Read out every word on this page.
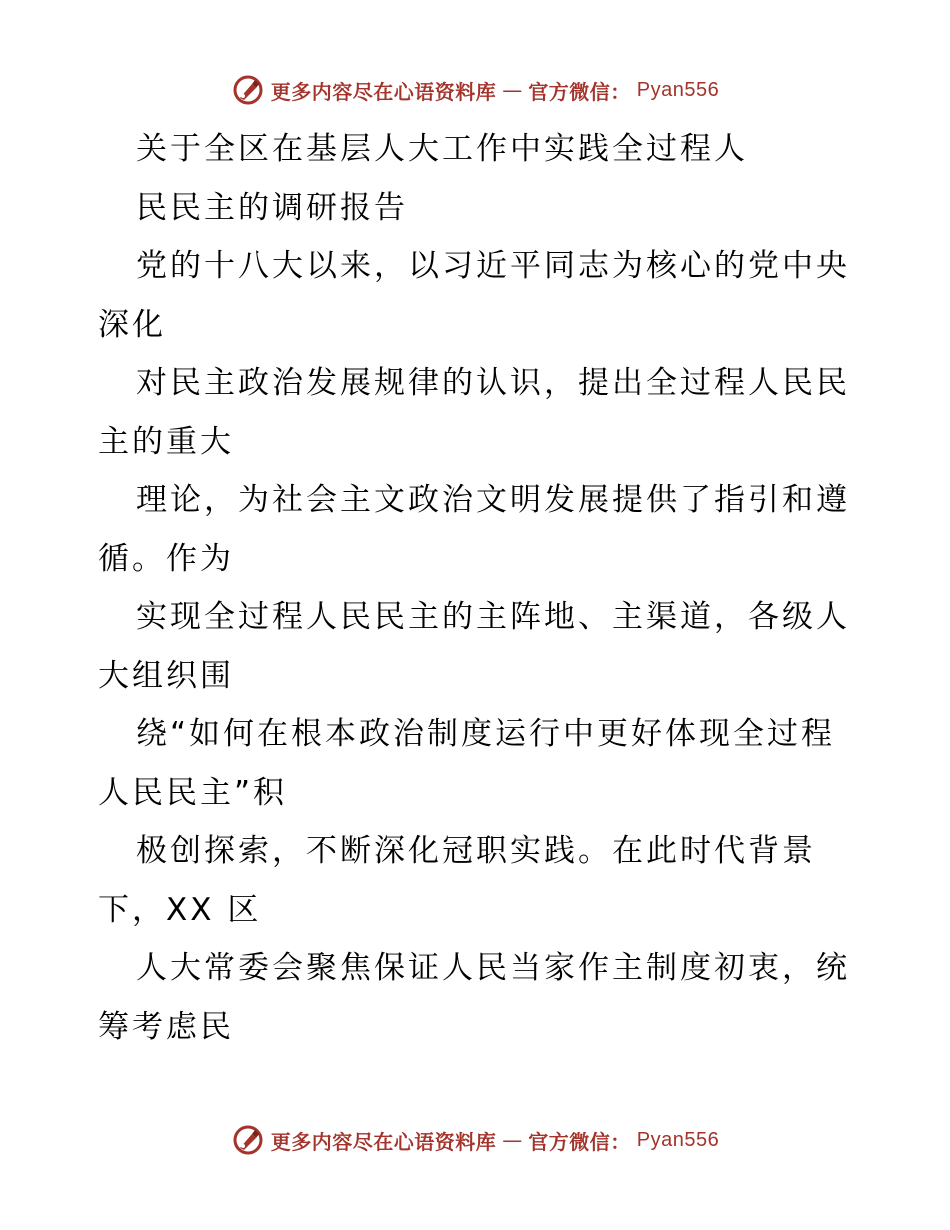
更多内容尽在心语资料库 — 官方微信： Pyan556
关于全区在基层人大工作中实践全过程人
民民主的调研报告
党的十八大以来，以习近平同志为核心的党中央
深化
对民主政治发展规律的认识，提出全过程人民民
主的重大
理论，为社会主文政治文明发展提供了指引和遵
循。作为
实现全过程人民民主的主阵地、主渠道，各级人
大组织围
绕“如何在根本政治制度运行中更好体现全过程
人民民主”积
极创探索，不断深化冠职实践。在此时代背景
下，XX 区
人大常委会聚焦保证人民当家作主制度初衷，统
筹考虑民
更多内容尽在心语资料库 — 官方微信： Pyan556
